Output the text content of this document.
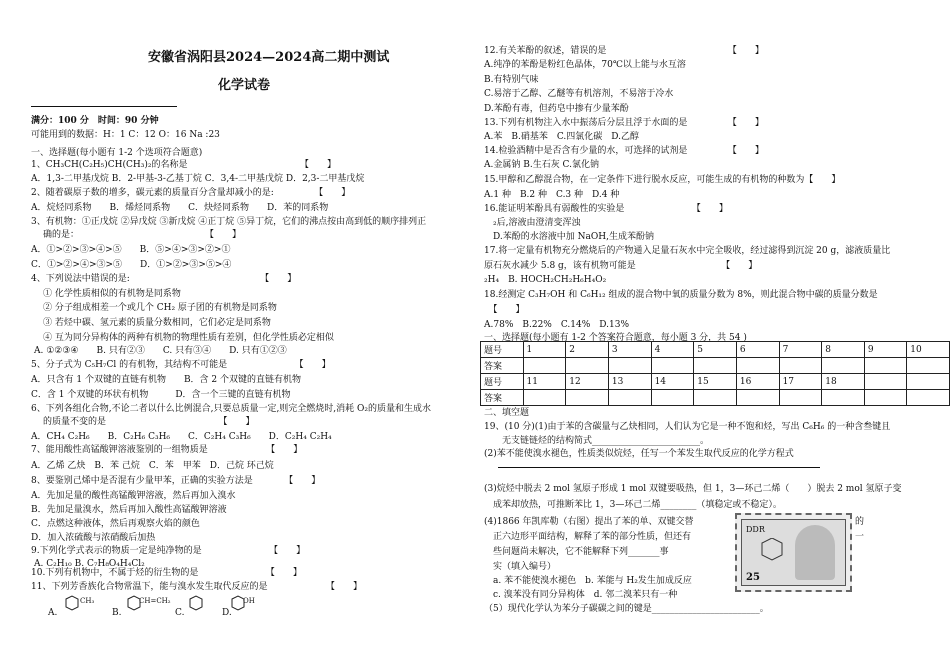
安徽省涡阳县2024—2024高二期中测试
化学试卷
满分：100 分　时间：90 分钟
可能用到的数据：H：1 C：12 O：16 Na :23
一、选择题(每小题有 1-2 个选项符合题意)
1、CH₃CH(C₂H₅)CH(CH₃)₂的名称是　　　　　　　　　　　　　【　　】
A．1,3-二甲基戊烷 B．2-甲基-3-乙基丁烷 C．3,4-二甲基戊烷 D．2,3-二甲基戊烷
2、随着碳原子数的增多，碳元素的质量百分含量却减小的是:　　　　　【　　】
A．烷烃同系物　　B．烯烃同系物　　C．炔烃同系物　　D．苯的同系物
3、有机物：①正戊烷 ②异戊烷 ③新戊烷 ④正丁烷 ⑤异丁烷，它们的沸点按由高到低的顺序排列正
　确的是：　　　　　　　　　　　　　　　【　　】
A．①>②>③>④>⑤　　B．⑤>④>③>②>①
C．①>②>④>③>⑤　　D．①>②>③>⑤>④
4、下列说法中错误的是:　　　　　　　　　　　　　　　【　　】
　① 化学性质相似的有机物是同系物
　② 分子组成相差一个或几个 CH₂ 原子团的有机物是同系物
　③ 若烃中碳、氢元素的质量分数相同，它们必定是同系物
　④ 互为同分异构体的两种有机物的物理性质有差别，但化学性质必定相似
A. ①②③④　　B. 只有②③　　C. 只有③④　　D. 只有①②③
5、分子式为 C₅H₇Cl 的有机物，其结构不可能是　　　　　　　　【　　】
A．只含有 1 个双键的直链有机物　　B．含 2 个双键的直链有机物
C．含 1 个双键的环状有机物　　　D．含一个三键的直链有机物
6、下列各组化合物,不论二者以什么比例混合,只要总质量一定,则完全燃烧时,消耗 O₂的质量和生成水
　的质量不变的是　　　　　　　　　　　　　【　　】
A．CH₄ C₂H₆　　B．C₂H₆ C₃H₆　　C．C₂H₄ C₃H₆　　D．C₂H₄ C₂H₄
7、能用酸性高锰酸钾溶液鉴别的一组物质是　　　　　　　【　　】
A．乙烯 乙炔　B．苯 己烷　C．苯　甲苯　D．己烷 环己烷
8、要鉴别己烯中是否混有少量甲苯，正确的实验方法是　　　　【　　】
A．先加足量的酸性高锰酸钾溶液，然后再加入溴水
B．先加足量溴水，然后再加入酸性高锰酸钾溶液
C．点燃这种液体，然后再观察火焰的颜色
D．加入浓硫酸与浓硝酸后加热
9.下列化学式表示的物质一定是纯净物的是　　　　　　　　【　　】
A. C₂H₁₀ B. C₇H₈O₄H₄Cl₂
10.下列有机物中，不属于烃的衍生物的是　　　　　　　　【　　】
11、下列芳香族化合物常温下，能与溴水发生取代反应的是　　　　　　　【　　】
A.
CH₃
B.
CH=CH₂
C.	D.
OH
12.有关苯酚的叙述，错误的是　　　　　　　　　　　　　　【　　】
A.纯净的苯酚是粉红色晶体，70℃以上能与水互溶
B.有特别气味
C.易溶于乙醇、乙醚等有机溶剂，不易溶于冷水
D.苯酚有毒，但药皂中掺有少量苯酚
13.下列有机物注入水中振荡后分层且浮于水面的是　　　　　【　　】
A.苯　B.硝基苯　C.四氯化碳　D.乙醇
14.检验酒精中是否含有少量的水，可选择的试剂是　　　　　【　　】
A.金属钠 B.生石灰 C.氯化钠
15.甲醇和乙醇混合物，在一定条件下进行脱水反应，可能生成的有机物的种数为【　　】
A.1 种　B.2 种　C.3 种　D.4 种
16.能证明苯酚具有弱酸性的实验是　　　　　　　　【　　】
　₂后,溶液由澄清变浑浊
　D.苯酚的水溶液中加 NaOH,生成苯酚钠
17.将一定量有机物充分燃烧后的产物通入足量石灰水中完全吸收，经过滤得到沉淀 20 g，滤液质量比
原石灰水减少 5.8 g，该有机物可能是　　　　　　　　　　【　　】
₂H₄　B. HOCH₂CH₂H₆H₄O₂
18.经测定 C₃H₇OH 和 C₆H₁₂ 组成的混合物中氧的质量分数为 8%，则此混合物中碳的质量分数是
　【　　】
A.78%　B.22%　C.14%　D.13%
一、选择题(每小题有 1-2 个答案符合题意，每小题 3 分，共 54 )
题号	1	2	3	4	5	6	7	8	9	10
答案										
题号	11	12	13	14	15	16	17	18		
答案										
二、填空题
19、(10 分)(1)由于苯的含碳量与乙炔相同，人们认为它是一种不饱和烃，写出 C₆H₆ 的一种含叁键且
　　无支链链烃的结构简式________________________。
(2)苯不能使溴水褪色，性质类似烷烃，任写一个苯发生取代反应的化学方程式
(3)烷烃中脱去 2 mol 氢原子形成 1 mol 双键要吸热，但 1，3—环己二烯（　　）脱去 2 mol 氢原子变
　成苯却放热，可推断苯比 1，3—环己二烯________（填稳定或不稳定）。
(4)1866 年凯库勒（右图）提出了苯的单、双键交替
　正六边形平面结构，解释了苯的部分性质，但还有
　些问题尚未解决，它不能解释下列_______事
　实（填入编号）
　a. 苯不能使溴水褪色　b. 苯能与 H₂发生加成反应
　c. 溴苯没有同分异构体　d. 邻二溴苯只有一种
（5）现代化学认为苯分子碳碳之间的键是________________________。
DDR
25
的
一
